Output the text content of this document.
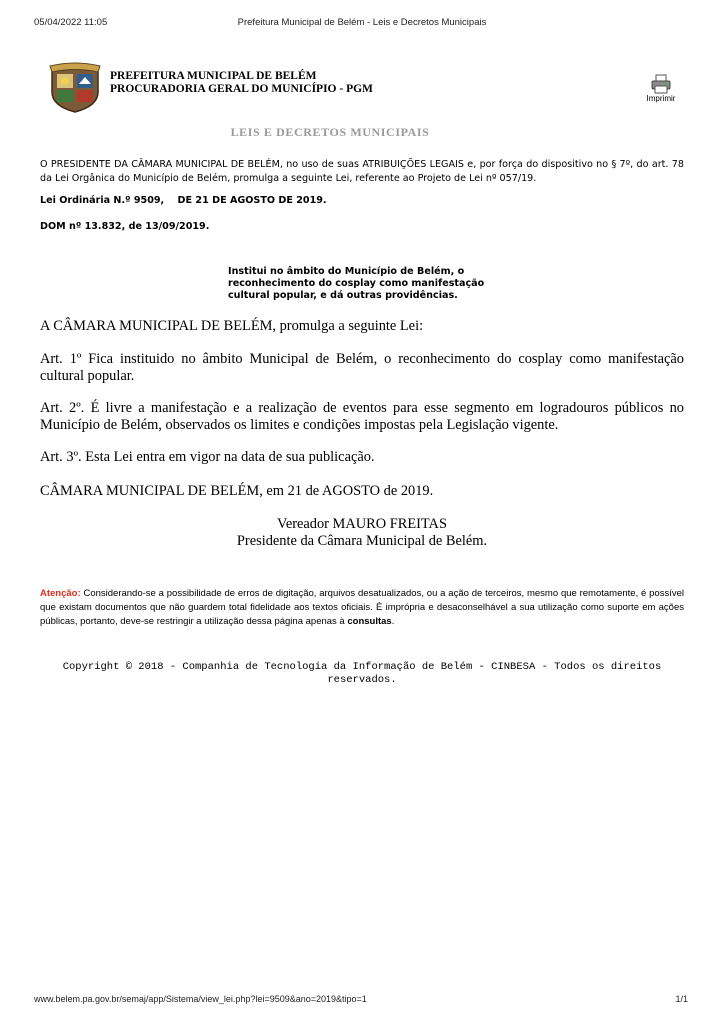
05/04/2022 11:05	Prefeitura Municipal de Belém - Leis e Decretos Municipais
PREFEITURA MUNICIPAL DE BELÉM
PROCURADORIA GERAL DO MUNICÍPIO - PGM
Imprimir
LEIS E DECRETOS MUNICIPAIS
O PRESIDENTE DA CÂMARA MUNICIPAL DE BELÉM, no uso de suas ATRIBUIÇÕES LEGAIS e, por força do dispositivo no § 7º, do art. 78 da Lei Orgânica do Município de Belém, promulga a seguinte Lei, referente ao Projeto de Lei nº 057/19.
Lei Ordinária N.º 9509,    DE 21 DE AGOSTO DE 2019.
DOM nº 13.832, de 13/09/2019.
Institui no âmbito do Município de Belém, o reconhecimento do cosplay como manifestação cultural popular, e dá outras providências.
A CÂMARA MUNICIPAL DE BELÉM, promulga a seguinte Lei:
Art. 1º Fica instituido no âmbito Municipal de Belém, o reconhecimento do cosplay como manifestação cultural popular.
Art. 2º. É livre a manifestação e a realização de eventos para esse segmento em logradouros públicos no Município de Belém, observados os limites e condições impostas pela Legislação vigente.
Art. 3º. Esta Lei entra em vigor na data de sua publicação.
CÂMARA MUNICIPAL DE BELÉM, em 21 de AGOSTO de 2019.
Vereador MAURO FREITAS
Presidente da Câmara Municipal de Belém.
Atenção: Considerando-se a possibilidade de erros de digitação, arquivos desatualizados, ou a ação de terceiros, mesmo que remotamente, é possível que existam documentos que não guardem total fidelidade aos textos oficiais. É imprópria e desaconselhável a sua utilização como suporte em ações públicas, portanto, deve-se restringir a utilização dessa página apenas à consultas.
Copyright © 2018 - Companhia de Tecnologia da Informação de Belém - CINBESA - Todos os direitos reservados.
www.belem.pa.gov.br/semaj/app/Sistema/view_lei.php?lei=9509&ano=2019&tipo=1	1/1
